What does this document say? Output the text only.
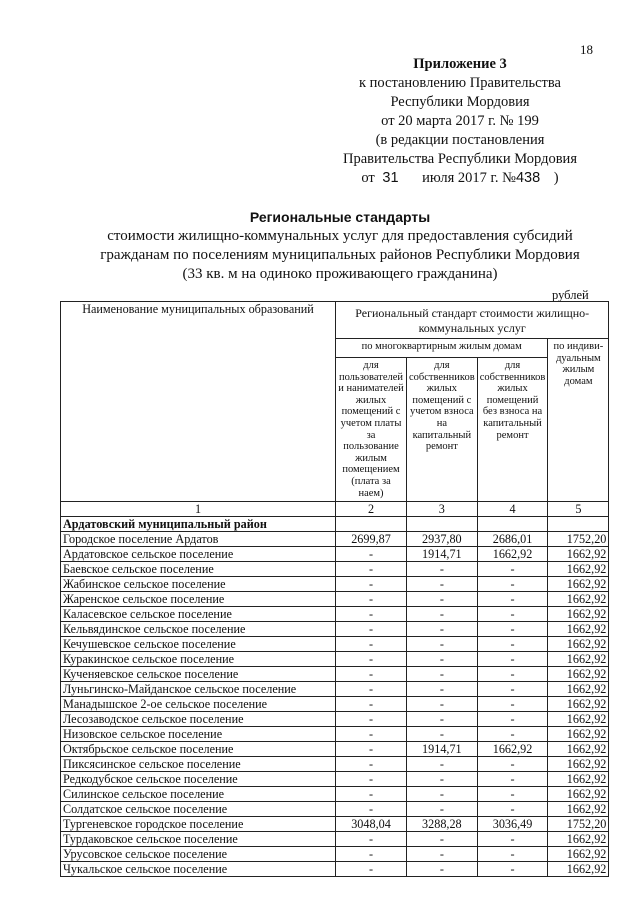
18
Приложение 3
к постановлению Правительства
Республики Мордовия
от 20 марта 2017 г. № 199
(в редакции постановления
Правительства Республики Мордовия
от 31 июля 2017 г. №438 )
Региональные стандарты
стоимости жилищно-коммунальных услуг для предоставления субсидий
гражданам по поселениям муниципальных районов Республики Мордовия
(33 кв. м на одиноко проживающего гражданина)
рублей
Наименование муниципальных образований	Региональный стандарт стоимости жилищно-коммунальных услуг			
	по многоквартирным жилым домам			по индиви-дуальным жилым домам
	для пользователей и нанимателей жилых помещений с учетом платы за пользование жилым помещением (плата за наем)	для собственников жилых помещений с учетом взноса на капитальный ремонт	для собственников жилых помещений без взноса на капитальный ремонт	
1	2	3	4	5
Ардатовский муниципальный район				
Городское поселение Ардатов	2699,87	2937,80	2686,01	1752,20
Ардатовское сельское поселение	-	1914,71	1662,92	1662,92
Баевское сельское поселение	-	-	-	1662,92
Жабинское сельское поселение	-	-	-	1662,92
Жаренское сельское поселение	-	-	-	1662,92
Каласевское сельское поселение	-	-	-	1662,92
Кельвядинское сельское поселение	-	-	-	1662,92
Кечушевское сельское поселение	-	-	-	1662,92
Куракинское сельское поселение	-	-	-	1662,92
Кученяевское сельское поселение	-	-	-	1662,92
Луньгинско-Майданское сельское поселение	-	-	-	1662,92
Манадышское 2-ое сельское поселение	-	-	-	1662,92
Лесозаводское сельское поселение	-	-	-	1662,92
Низовское сельское поселение	-	-	-	1662,92
Октябрьское сельское поселение	-	1914,71	1662,92	1662,92
Пиксясинское сельское поселение	-	-	-	1662,92
Редкодубское сельское поселение	-	-	-	1662,92
Силинское сельское поселение	-	-	-	1662,92
Солдатское сельское поселение	-	-	-	1662,92
Тургеневское городское поселение	3048,04	3288,28	3036,49	1752,20
Турдаковское сельское поселение	-	-	-	1662,92
Урусовское сельское поселение	-	-	-	1662,92
Чукальское сельское поселение	-	-	-	1662,92
